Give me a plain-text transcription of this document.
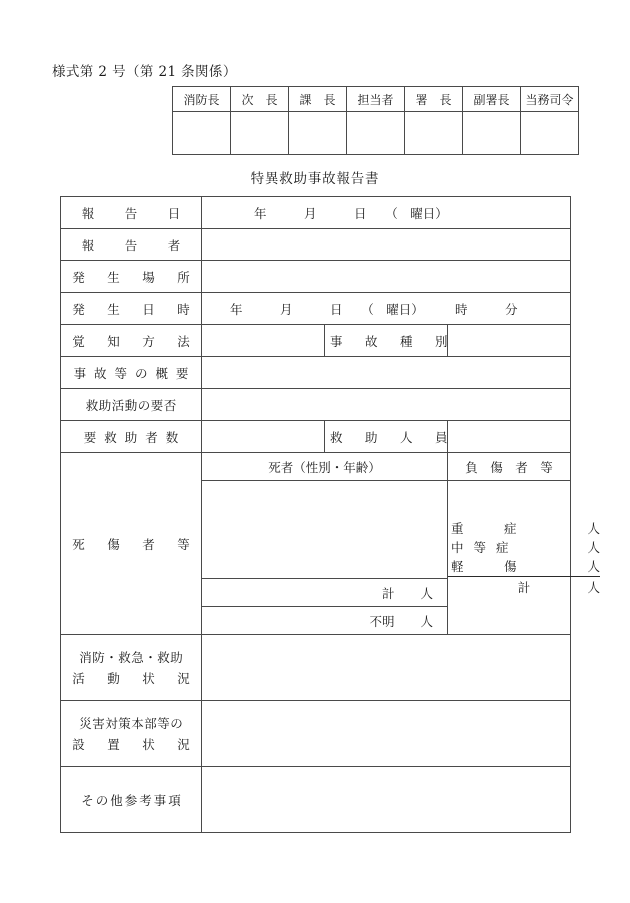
様式第 2 号（第 21 条関係）
消防長	次　長	課　長	担当者	署　長	副署長	当務司令

特異救助事故報告書
報　告　日	年　　　月　　　日　　（　曜日）		

報　告　者			

発　生　場　所			

発　生　日　時	年　　　月　　　日　　（　曜日）　　　時　　　分		

覚　知　方　法		事　故　種　別	

事 故 等 の 概 要			

救助活動の要否			

要 救 助 者 数		救　助　人　員	

死　傷　者　等	死者（性別・年齢）		負　傷　者　等

重　症	人
中 等 症	人
軽　傷	人
計	人

	計 人		
	不明 人		

消防・救急・救助
活　動　状　況			

災害対策本部等の
設　置　状　況			

その他参考事項			
